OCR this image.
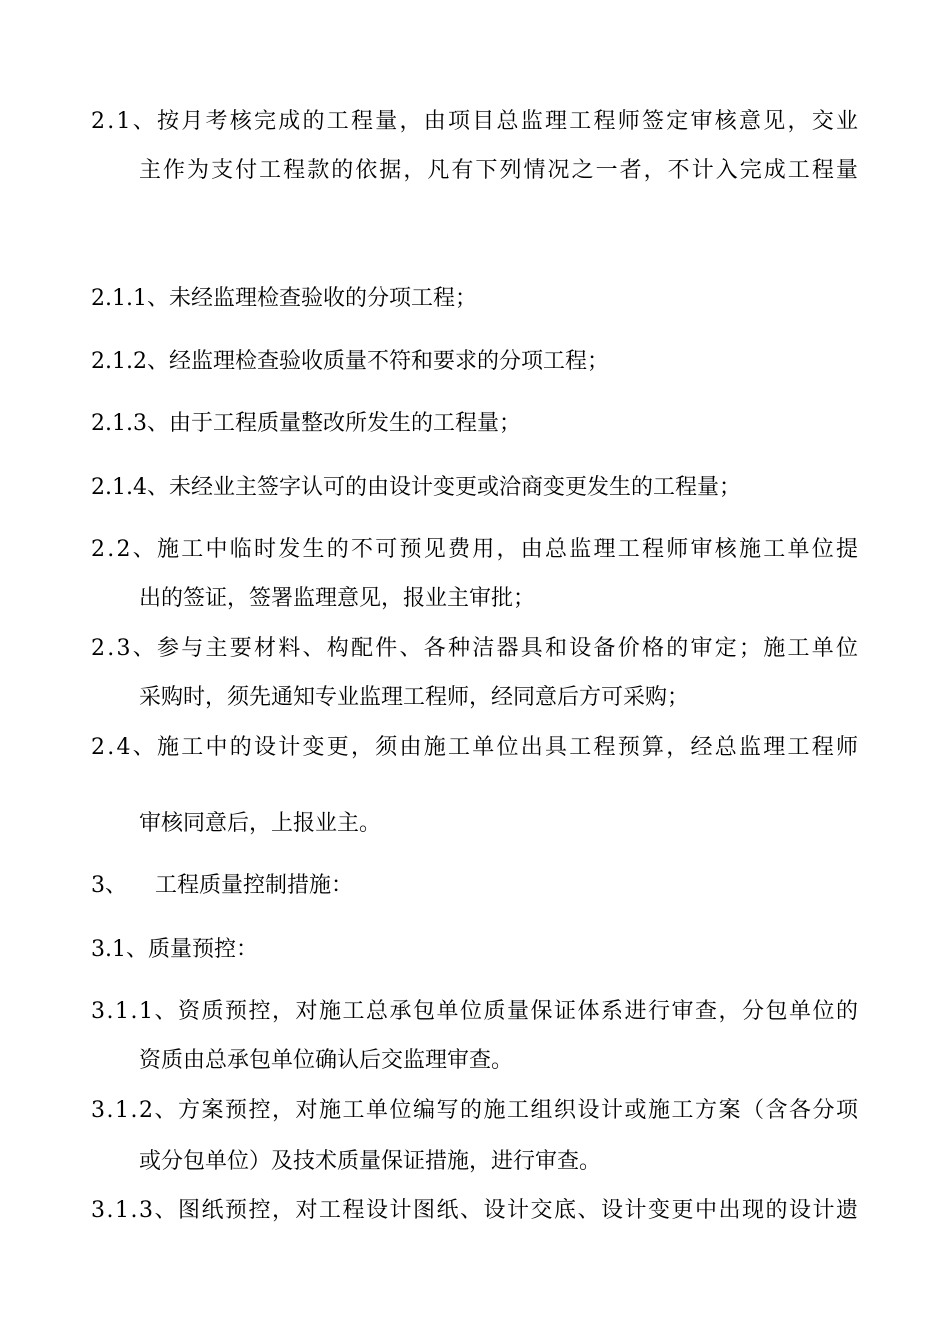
2.1、按月考核完成的工程量，由项目总监理工程师签定审核意见，交业
主作为支付工程款的依据，凡有下列情况之一者，不计入完成工程量
2.1.1、未经监理检查验收的分项工程；
2.1.2、经监理检查验收质量不符和要求的分项工程；
2.1.3、由于工程质量整改所发生的工程量；
2.1.4、未经业主签字认可的由设计变更或洽商变更发生的工程量；
2.2、施工中临时发生的不可预见费用，由总监理工程师审核施工单位提
出的签证，签署监理意见，报业主审批；
2.3、参与主要材料、构配件、各种洁器具和设备价格的审定；施工单位
采购时，须先通知专业监理工程师，经同意后方可采购；
2.4、施工中的设计变更，须由施工单位出具工程预算，经总监理工程师
审核同意后，上报业主。
3、    工程质量控制措施：
3.1、质量预控：
3.1.1、资质预控，对施工总承包单位质量保证体系进行审查，分包单位的
资质由总承包单位确认后交监理审查。
3.1.2、方案预控，对施工单位编写的施工组织设计或施工方案（含各分项
或分包单位）及技术质量保证措施，进行审查。
3.1.3、图纸预控，对工程设计图纸、设计交底、设计变更中出现的设计遗
